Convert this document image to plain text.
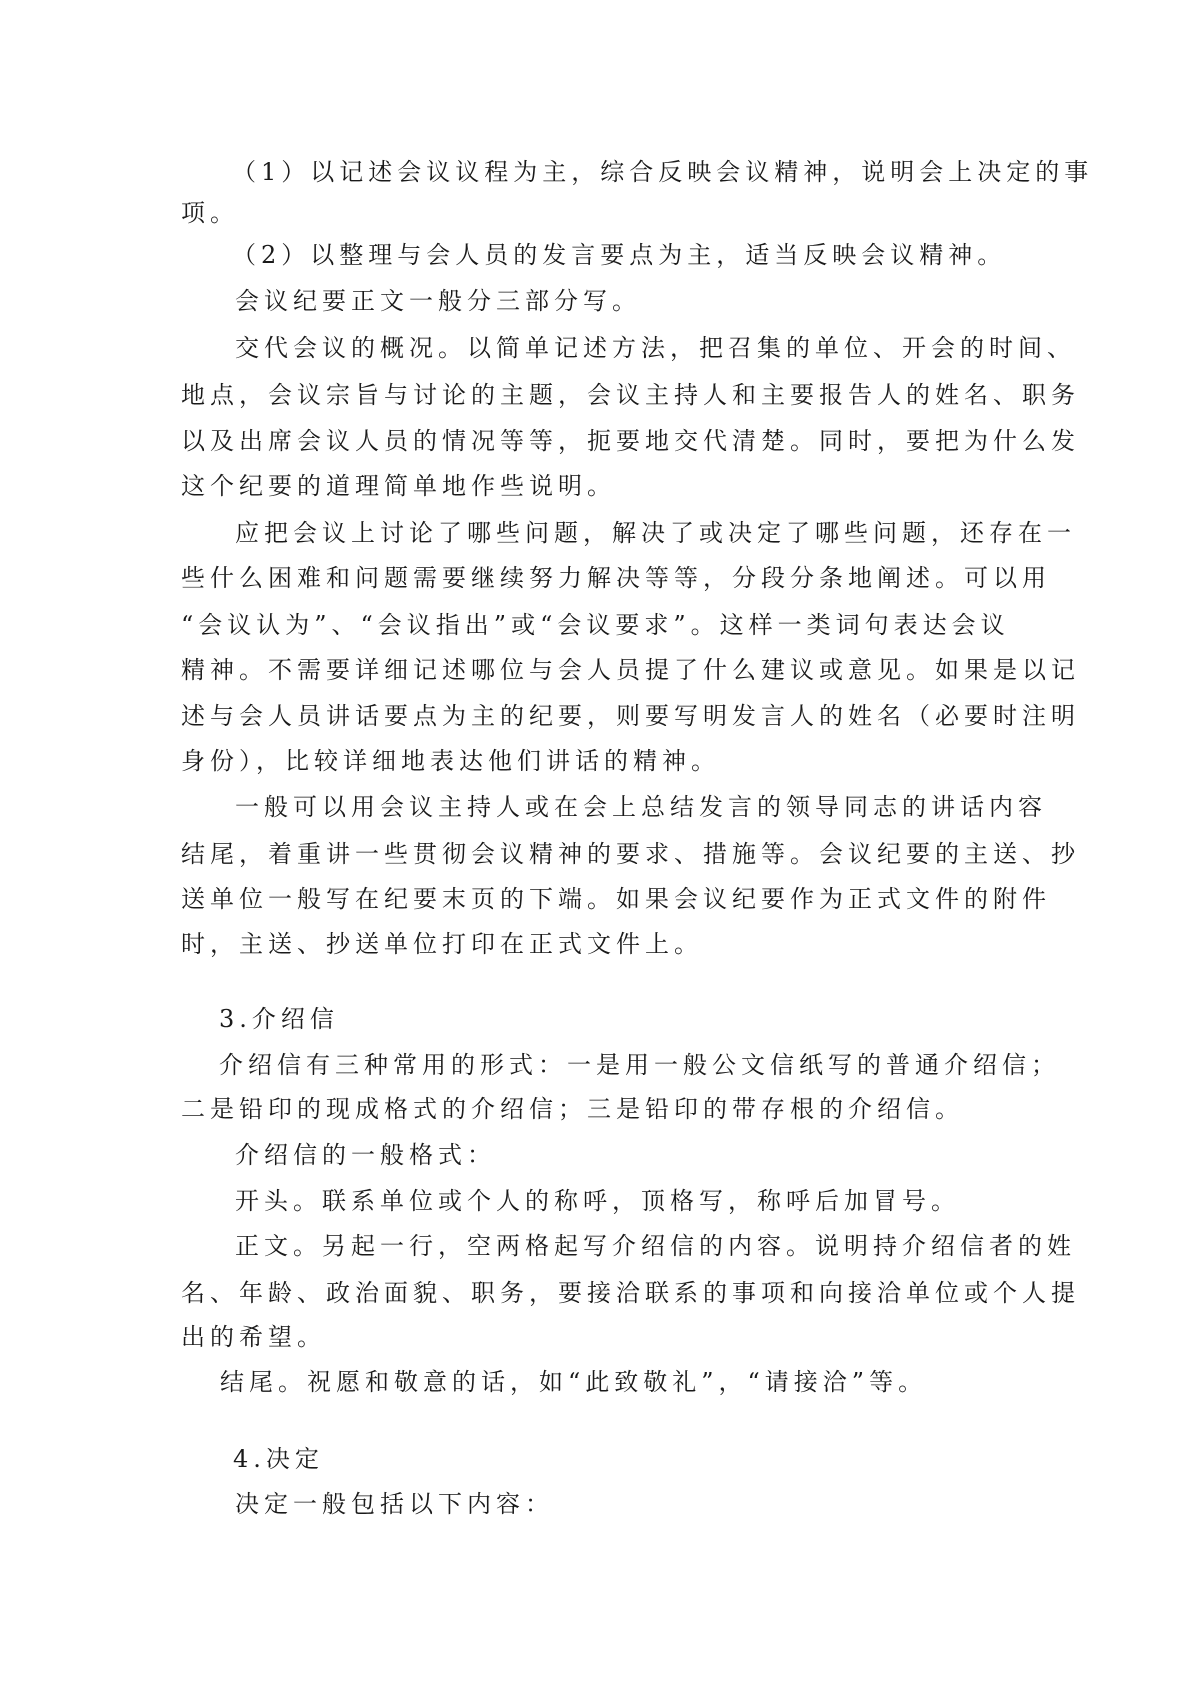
（1）以记述会议议程为主，综合反映会议精神，说明会上决定的事
项。
（2）以整理与会人员的发言要点为主，适当反映会议精神。
会议纪要正文一般分三部分写。
交代会议的概况。以简单记述方法，把召集的单位、开会的时间、
地点，会议宗旨与讨论的主题，会议主持人和主要报告人的姓名、职务
以及出席会议人员的情况等等，扼要地交代清楚。同时，要把为什么发
这个纪要的道理简单地作些说明。
应把会议上讨论了哪些问题，解决了或决定了哪些问题，还存在一
些什么困难和问题需要继续努力解决等等，分段分条地阐述。可以用
“会议认为”、“会议指出”或“会议要求”。这样一类词句表达会议
精神。不需要详细记述哪位与会人员提了什么建议或意见。如果是以记
述与会人员讲话要点为主的纪要，则要写明发言人的姓名（必要时注明
身份），比较详细地表达他们讲话的精神。
一般可以用会议主持人或在会上总结发言的领导同志的讲话内容
结尾，着重讲一些贯彻会议精神的要求、措施等。会议纪要的主送、抄
送单位一般写在纪要末页的下端。如果会议纪要作为正式文件的附件
时，主送、抄送单位打印在正式文件上。
3.介绍信
介绍信有三种常用的形式：一是用一般公文信纸写的普通介绍信；
二是铅印的现成格式的介绍信；三是铅印的带存根的介绍信。
介绍信的一般格式：
开头。联系单位或个人的称呼，顶格写，称呼后加冒号。
正文。另起一行，空两格起写介绍信的内容。说明持介绍信者的姓
名、年龄、政治面貌、职务，要接洽联系的事项和向接洽单位或个人提
出的希望。
结尾。祝愿和敬意的话，如“此致敬礼”，“请接洽”等。
4.决定
决定一般包括以下内容：
